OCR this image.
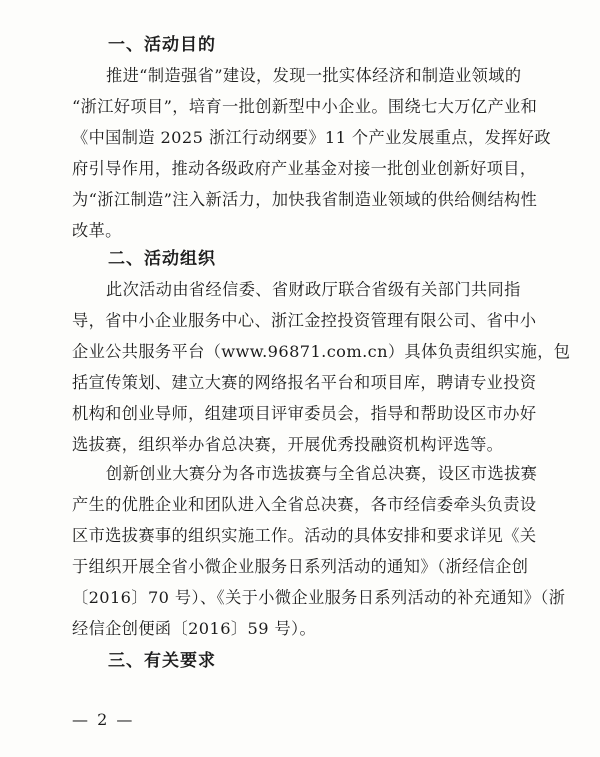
一、活动目的
推进“制造强省”建设，发现一批实体经济和制造业领域的
“浙江好项目”，培育一批创新型中小企业。围绕七大万亿产业和
《中国制造 2025 浙江行动纲要》11 个产业发展重点，发挥好政
府引导作用，推动各级政府产业基金对接一批创业创新好项目，
为“浙江制造”注入新活力，加快我省制造业领域的供给侧结构性
改革。
二、活动组织
此次活动由省经信委、省财政厅联合省级有关部门共同指
导，省中小企业服务中心、浙江金控投资管理有限公司、省中小
企业公共服务平台（www.96871.com.cn）具体负责组织实施，包
括宣传策划、建立大赛的网络报名平台和项目库，聘请专业投资
机构和创业导师，组建项目评审委员会，指导和帮助设区市办好
选拔赛，组织举办省总决赛，开展优秀投融资机构评选等。
创新创业大赛分为各市选拔赛与全省总决赛，设区市选拔赛
产生的优胜企业和团队进入全省总决赛，各市经信委牵头负责设
区市选拔赛事的组织实施工作。活动的具体安排和要求详见《关
于组织开展全省小微企业服务日系列活动的通知》（浙经信企创
〔2016〕70 号）、《关于小微企业服务日系列活动的补充通知》（浙
经信企创便函〔2016〕59 号）。
三、有关要求
— 2 —
